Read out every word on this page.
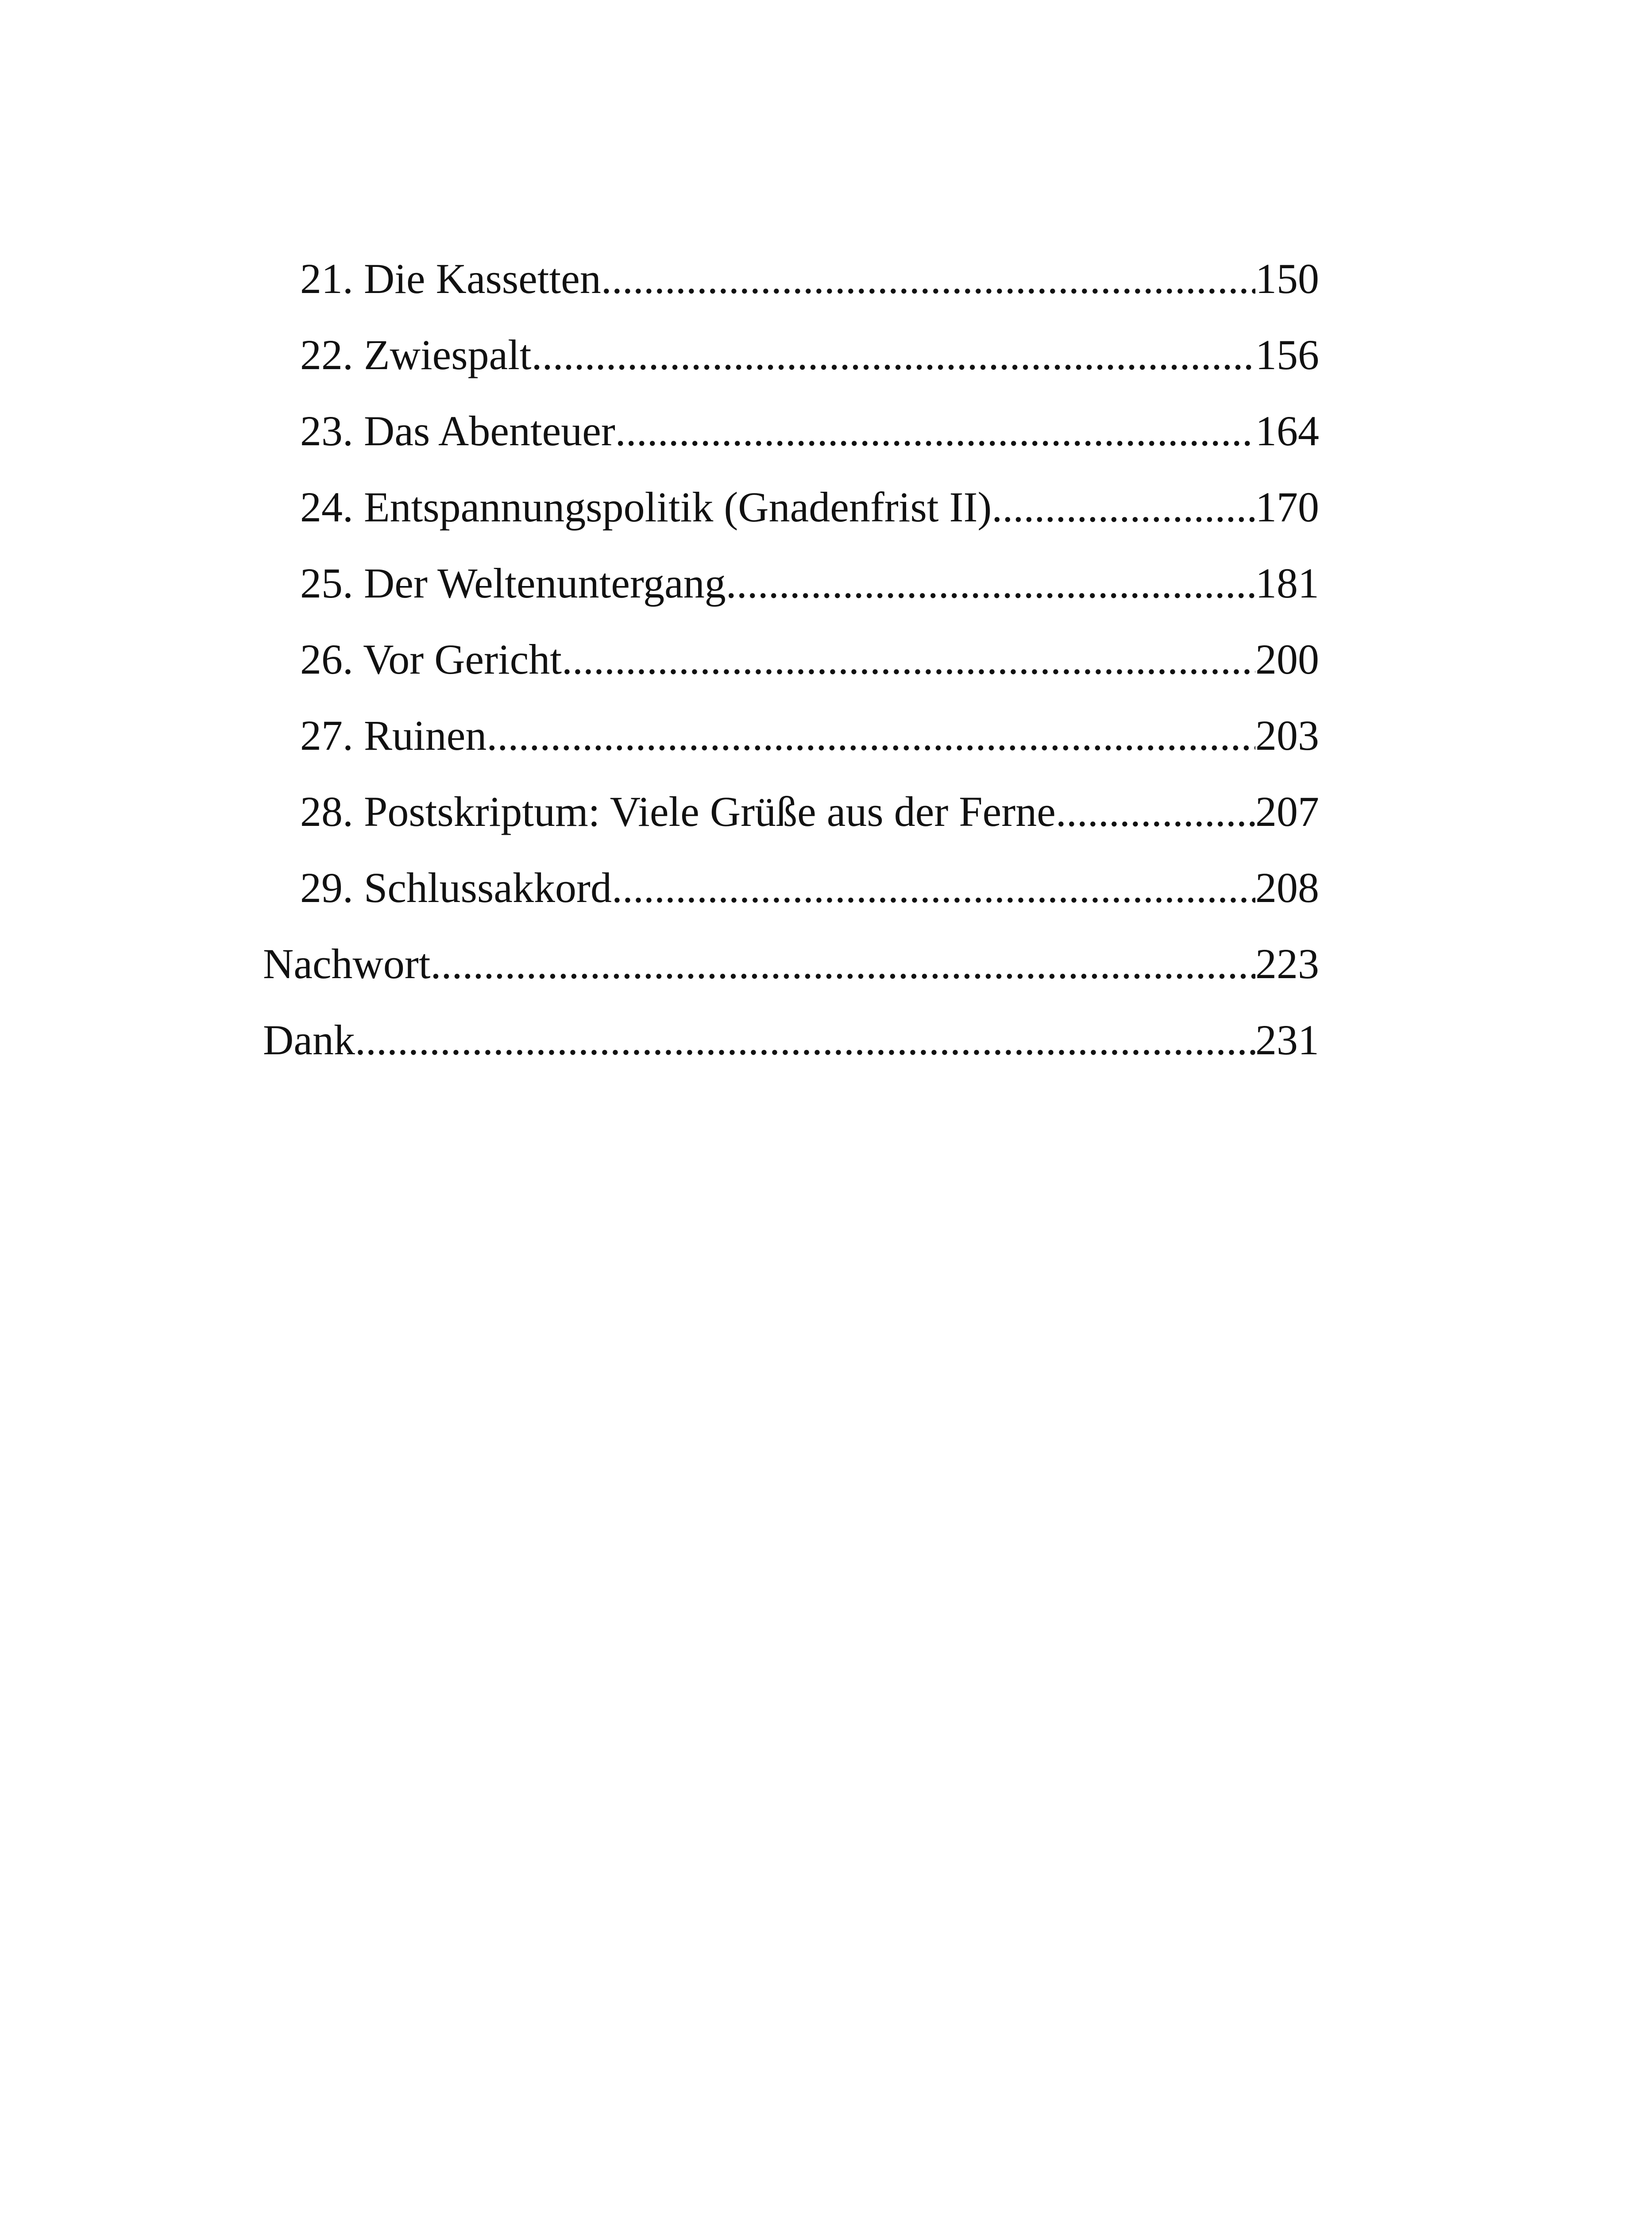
21. Die Kassetten .....	150
22. Zwiespalt .....	156
23. Das Abenteuer .....	164
24. Entspannungspolitik (Gnadenfrist II) .....	170
25. Der Weltenuntergang .....	181
26. Vor Gericht .....	200
27. Ruinen .....	203
28. Postskriptum: Viele Grüße aus der Ferne .....	207
29. Schlussakkord .....	208
Nachwort .....	223
Dank .....	231
